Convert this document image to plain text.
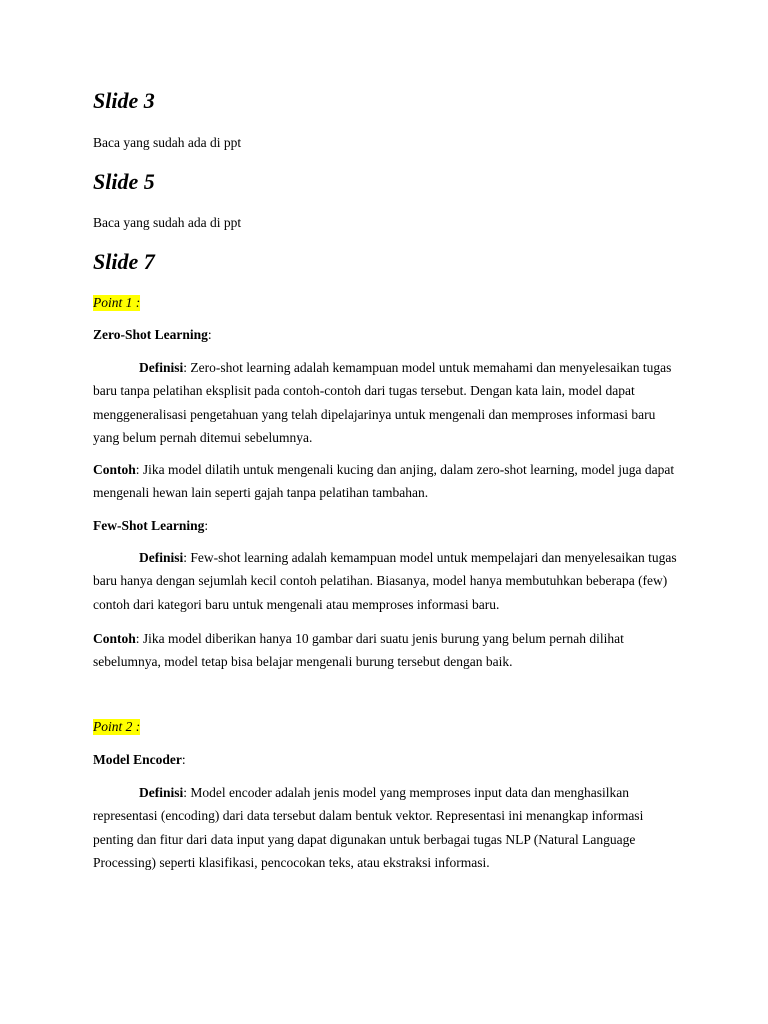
Slide 3
Baca yang sudah ada di ppt
Slide 5
Baca yang sudah ada di ppt
Slide 7
Point 1 :
Zero-Shot Learning:

Definisi: Zero-shot learning adalah kemampuan model untuk memahami dan menyelesaikan tugas baru tanpa pelatihan eksplisit pada contoh-contoh dari tugas tersebut. Dengan kata lain, model dapat menggeneralisasi pengetahuan yang telah dipelajarinya untuk mengenali dan memproses informasi baru yang belum pernah ditemui sebelumnya.

Contoh: Jika model dilatih untuk mengenali kucing dan anjing, dalam zero-shot learning, model juga dapat mengenali hewan lain seperti gajah tanpa pelatihan tambahan.

Few-Shot Learning:

Definisi: Few-shot learning adalah kemampuan model untuk mempelajari dan menyelesaikan tugas baru hanya dengan sejumlah kecil contoh pelatihan. Biasanya, model hanya membutuhkan beberapa (few) contoh dari kategori baru untuk mengenali atau memproses informasi baru.

Contoh: Jika model diberikan hanya 10 gambar dari suatu jenis burung yang belum pernah dilihat sebelumnya, model tetap bisa belajar mengenali burung tersebut dengan baik.

Point 2 :
Model Encoder:

Definisi: Model encoder adalah jenis model yang memproses input data dan menghasilkan representasi (encoding) dari data tersebut dalam bentuk vektor. Representasi ini menangkap informasi penting dan fitur dari data input yang dapat digunakan untuk berbagai tugas NLP (Natural Language Processing) seperti klasifikasi, pencocokan teks, atau ekstraksi informasi.
